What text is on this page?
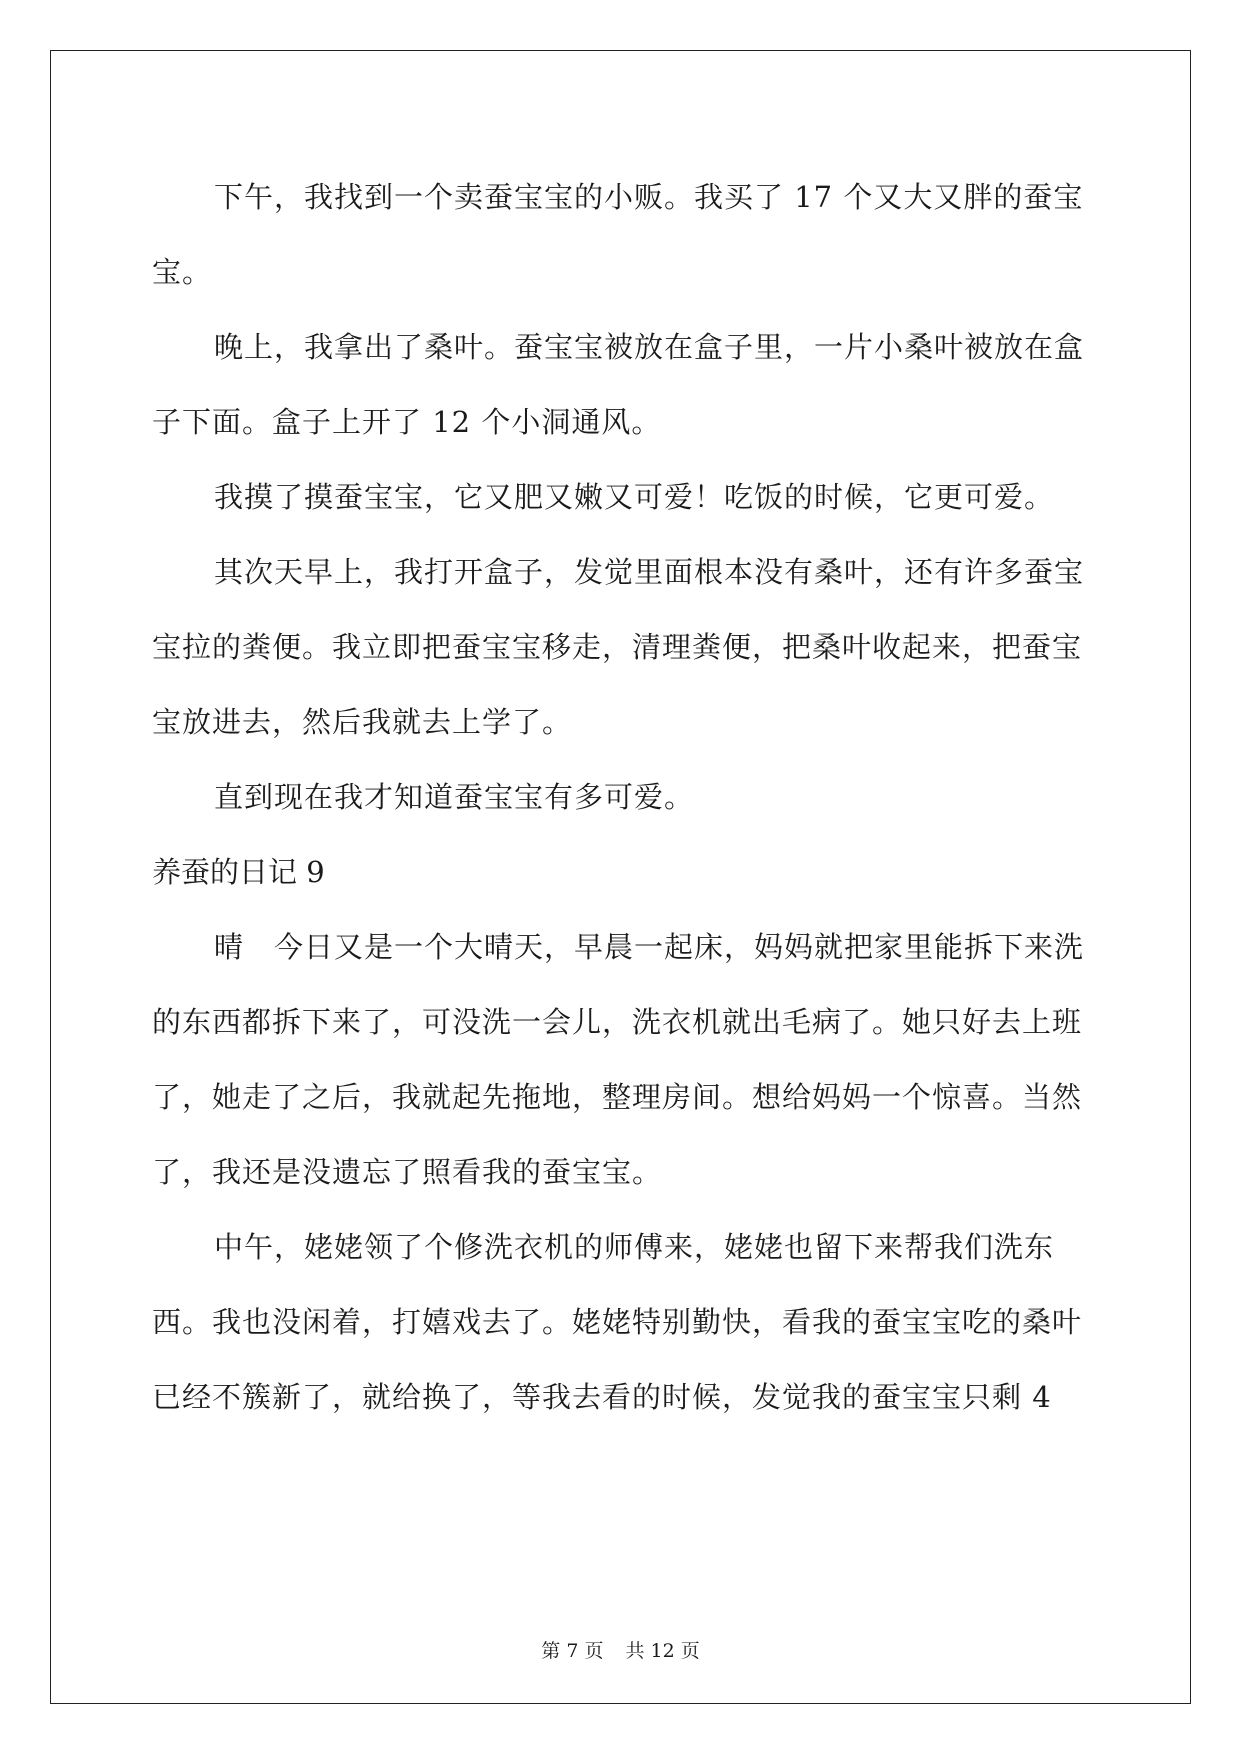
下午，我找到一个卖蚕宝宝的小贩。我买了 17 个又大又胖的蚕宝宝。

晚上，我拿出了桑叶。蚕宝宝被放在盒子里，一片小桑叶被放在盒子下面。盒子上开了 12 个小洞通风。

我摸了摸蚕宝宝，它又肥又嫩又可爱！吃饭的时候，它更可爱。

其次天早上，我打开盒子，发觉里面根本没有桑叶，还有许多蚕宝宝拉的粪便。我立即把蚕宝宝移走，清理粪便，把桑叶收起来，把蚕宝宝放进去，然后我就去上学了。

直到现在我才知道蚕宝宝有多可爱。

养蚕的日记 9

晴　今日又是一个大晴天，早晨一起床，妈妈就把家里能拆下来洗的东西都拆下来了，可没洗一会儿，洗衣机就出毛病了。她只好去上班了，她走了之后，我就起先拖地，整理房间。想给妈妈一个惊喜。当然了，我还是没遗忘了照看我的蚕宝宝。

中午，姥姥领了个修洗衣机的师傅来，姥姥也留下来帮我们洗东西。我也没闲着，打嬉戏去了。姥姥特别勤快，看我的蚕宝宝吃的桑叶已经不簇新了，就给换了，等我去看的时候，发觉我的蚕宝宝只剩 4

第 7 页 共 12 页
